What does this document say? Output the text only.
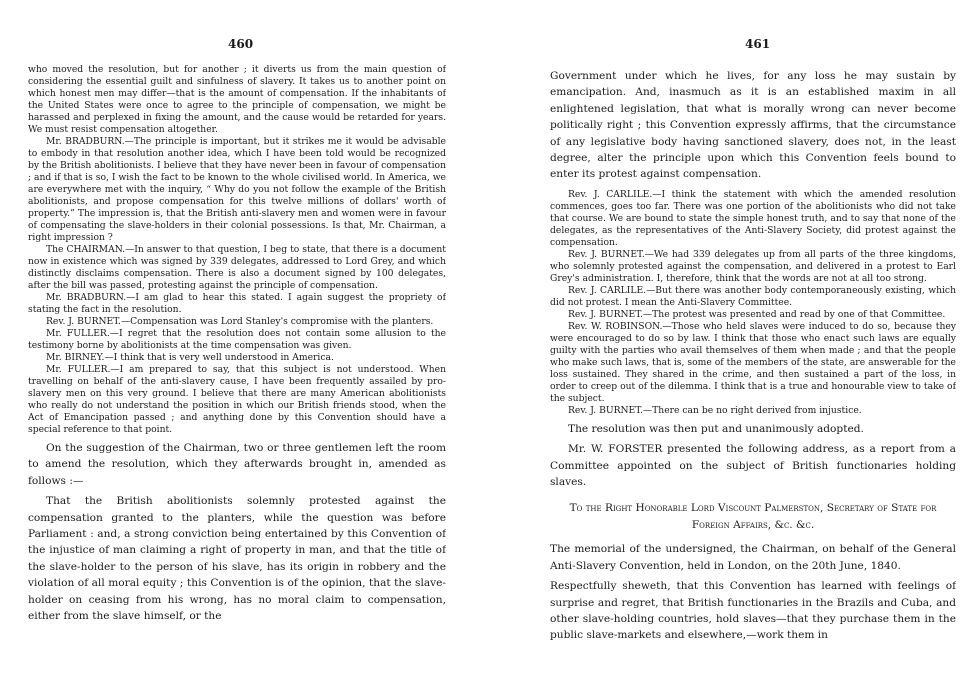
460

who moved the resolution, but for another ; it diverts us from the main question of considering the essential guilt and sinfulness of slavery. It takes us to another point on which honest men may differ—that is the amount of compensation. If the inhabitants of the United States were once to agree to the principle of compensation, we might be harassed and perplexed in fixing the amount, and the cause would be retarded for years. We must resist compensation altogether.

Mr. BRADBURN.—The principle is important, but it strikes me it would be advisable to embody in that resolution another idea, which I have been told would be recognized by the British abolitionists. I believe that they have never been in favour of compensation ; and if that is so, I wish the fact to be known to the whole civilised world. In America, we are everywhere met with the inquiry, “ Why do you not follow the example of the British abolitionists, and propose compensation for this twelve millions of dollars' worth of property.” The impression is, that the British anti-slavery men and women were in favour of compensating the slave-holders in their colonial possessions. Is that, Mr. Chairman, a right impression ?

The CHAIRMAN.—In answer to that question, I beg to state, that there is a document now in existence which was signed by 339 delegates, addressed to Lord Grey, and which distinctly disclaims compensation. There is also a document signed by 100 delegates, after the bill was passed, protesting against the principle of compensation.

Mr. BRADBURN.—I am glad to hear this stated. I again suggest the propriety of stating the fact in the resolution.

Rev. J. BURNET.—Compensation was Lord Stanley's compromise with the planters.

Mr. FULLER.—I regret that the resolution does not contain some allusion to the testimony borne by abolitionists at the time compensation was given.

Mr. BIRNEY.—I think that is very well understood in America.

Mr. FULLER.—I am prepared to say, that this subject is not understood. When travelling on behalf of the anti-slavery cause, I have been frequently assailed by pro-slavery men on this very ground. I believe that there are many American abolitionists who really do not understand the position in which our British friends stood, when the Act of Emancipation passed ; and anything done by this Convention should have a special reference to that point.

On the suggestion of the Chairman, two or three gentlemen left the room to amend the resolution, which they afterwards brought in, amended as follows :—

That the British abolitionists solemnly protested against the compensation granted to the planters, while the question was before Parliament : and, a strong conviction being entertained by this Convention of the injustice of man claiming a right of property in man, and that the title of the slave-holder to the person of his slave, has its origin in robbery and the violation of all moral equity ; this Convention is of the opinion, that the slave-holder on ceasing from his wrong, has no moral claim to compensation, either from the slave himself, or the

461

Government under which he lives, for any loss he may sustain by emancipation. And, inasmuch as it is an established maxim in all enlightened legislation, that what is morally wrong can never become politically right ; this Convention expressly affirms, that the circumstance of any legislative body having sanctioned slavery, does not, in the least degree, alter the principle upon which this Convention feels bound to enter its protest against compensation.

Rev. J. CARLILE.—I think the statement with which the amended resolution commences, goes too far. There was one portion of the abolitionists who did not take that course. We are bound to state the simple honest truth, and to say that none of the delegates, as the representatives of the Anti-Slavery Society, did protest against the compensation.

Rev. J. BURNET.—We had 339 delegates up from all parts of the three kingdoms, who solemnly protested against the compensation, and delivered in a protest to Earl Grey's administration. I, therefore, think that the words are not at all too strong.

Rev. J. CARLILE.—But there was another body contemporaneously existing, which did not protest. I mean the Anti-Slavery Committee.

Rev. J. BURNET.—The protest was presented and read by one of that Committee.

Rev. W. ROBINSON.—Those who held slaves were induced to do so, because they were encouraged to do so by law. I think that those who enact such laws are equally guilty with the parties who avail themselves of them when made ; and that the people who make such laws, that is, some of the members of the state, are answerable for the loss sustained. They shared in the crime, and then sustained a part of the loss, in order to creep out of the dilemma. I think that is a true and honourable view to take of the subject.

Rev. J. BURNET.—There can be no right derived from injustice.

The resolution was then put and unanimously adopted.

Mr. W. FORSTER presented the following address, as a report from a Committee appointed on the subject of British functionaries holding slaves.

To the Right Honorable Lord Viscount Palmerston, Secretary of State for Foreign Affairs, &c. &c.

The memorial of the undersigned, the Chairman, on behalf of the General Anti-Slavery Convention, held in London, on the 20th June, 1840.

Respectfully sheweth, that this Convention has learned with feelings of surprise and regret, that British functionaries in the Brazils and Cuba, and other slave-holding countries, hold slaves—that they purchase them in the public slave-markets and elsewhere,—work them in
